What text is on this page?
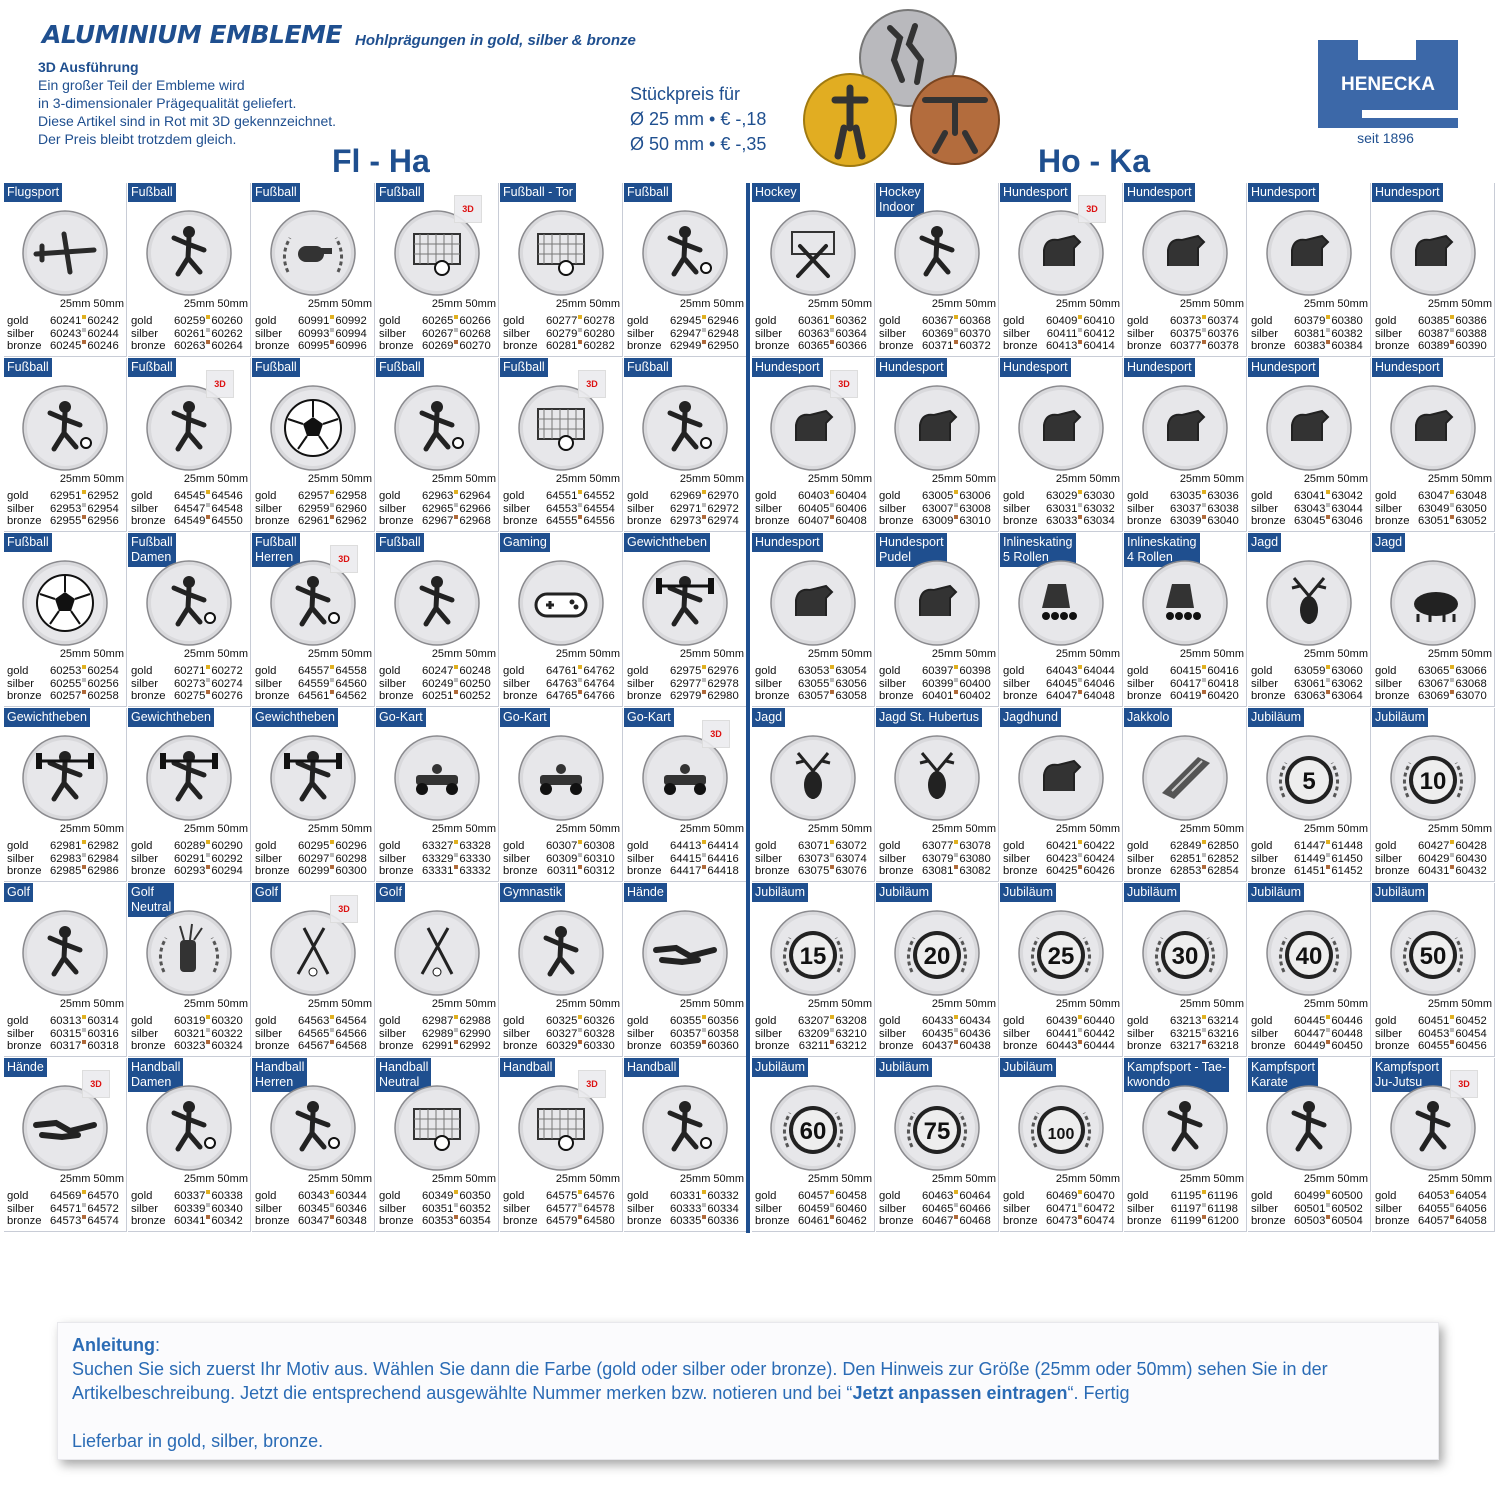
ALUMINIUM EMBLEME Hohlprägungen in gold, silber & bronze
3D Ausführung
Ein großer Teil der Embleme wird
in 3-dimensionaler Prägequalität geliefert.
Diese Artikel sind in Rot mit 3D gekennzeichnet.
Der Preis bleibt trotzdem gleich.
Stückpreis für
Ø 25 mm • € -,18
Ø 50 mm • € -,35
Fl - Ha	Ho - Ka
HENECKA
seit 1896
Flugsport
25mm 50mm
gold	60241 60242
silber	60243 60244
bronze 60245 60246
Fußball
25mm 50mm
gold	60259 60260
silber	60261 60262
bronze 60263 60264
Fußball
25mm 50mm
gold	60991 60992
silber	60993 60994
bronze 60995 60996
Fußball
3D
25mm 50mm
gold	60265 60266
silber	60267 60268
bronze 60269 60270
Fußball - Tor
25mm 50mm
gold	60277 60278
silber	60279 60280
bronze 60281 60282
Fußball
25mm 50mm
gold	62945 62946
silber	62947 62948
bronze 62949 62950
Hockey
25mm 50mm
gold	60361 60362
silber	60363 60364
bronze 60365 60366
Hockey
Indoor
25mm 50mm
gold	60367 60368
silber	60369 60370
bronze 60371 60372
Hundesport
3D
25mm 50mm
gold	60409 60410
silber	60411 60412
bronze 60413 60414
Hundesport
25mm 50mm
gold	60373 60374
silber	60375 60376
bronze 60377 60378
Hundesport
25mm 50mm
gold	60379 60380
silber	60381 60382
bronze 60383 60384
Hundesport
25mm 50mm
gold	60385 60386
silber	60387 60388
bronze 60389 60390
Fußball
25mm 50mm
gold	62951 62952
silber	62953 62954
bronze 62955 62956
Fußball
3D
25mm 50mm
gold	64545 64546
silber	64547 64548
bronze 64549 64550
Fußball
25mm 50mm
gold	62957 62958
silber	62959 62960
bronze 62961 62962
Fußball
25mm 50mm
gold	62963 62964
silber	62965 62966
bronze 62967 62968
Fußball
3D
25mm 50mm
gold	64551 64552
silber	64553 64554
bronze 64555 64556
Fußball
25mm 50mm
gold	62969 62970
silber	62971 62972
bronze 62973 62974
Hundesport
3D
25mm 50mm
gold	60403 60404
silber	60405 60406
bronze 60407 60408
Hundesport
25mm 50mm
gold	63005 63006
silber	63007 63008
bronze 63009 63010
Hundesport
25mm 50mm
gold	63029 63030
silber	63031 63032
bronze 63033 63034
Hundesport
25mm 50mm
gold	63035 63036
silber	63037 63038
bronze 63039 63040
Hundesport
25mm 50mm
gold	63041 63042
silber	63043 63044
bronze 63045 63046
Hundesport
25mm 50mm
gold	63047 63048
silber	63049 63050
bronze 63051 63052
Fußball
25mm 50mm
gold	60253 60254
silber	60255 60256
bronze 60257 60258
Fußball
Damen
25mm 50mm
gold	60271 60272
silber	60273 60274
bronze 60275 60276
Fußball
Herren	3D
25mm 50mm
gold	64557 64558
silber	64559 64560
bronze 64561 64562
Fußball
25mm 50mm
gold	60247 60248
silber	60249 60250
bronze 60251 60252
Gaming
25mm 50mm
gold	64761 64762
silber	64763 64764
bronze 64765 64766
Gewichtheben
25mm 50mm
gold	62975 62976
silber	62977 62978
bronze 62979 62980
Hundesport
25mm 50mm
gold	63053 63054
silber	63055 63056
bronze 63057 63058
Hundesport
Pudel
25mm 50mm
gold	60397 60398
silber	60399 60400
bronze 60401 60402
Inlineskating
5 Rollen
25mm 50mm
gold	64043 64044
silber	64045 64046
bronze 64047 64048
Inlineskating
4 Rollen
25mm 50mm
gold	60415 60416
silber	60417 60418
bronze 60419 60420
Jagd
25mm 50mm
gold	63059 63060
silber	63061 63062
bronze 63063 63064
Jagd
25mm 50mm
gold	63065 63066
silber	63067 63068
bronze 63069 63070
Gewichtheben
25mm 50mm
gold	62981 62982
silber	62983 62984
bronze 62985 62986
Gewichtheben
25mm 50mm
gold	60289 60290
silber	60291 60292
bronze 60293 60294
Gewichtheben
25mm 50mm
gold	60295 60296
silber	60297 60298
bronze 60299 60300
Go-Kart
25mm 50mm
gold	63327 63328
silber	63329 63330
bronze 63331 63332
Go-Kart
25mm 50mm
gold	60307 60308
silber	60309 60310
bronze 60311 60312
Go-Kart
3D
25mm 50mm
gold	64413 64414
silber	64415 64416
bronze 64417 64418
Jagd
25mm 50mm
gold	63071 63072
silber	63073 63074
bronze 63075 63076
Jagd St. Hubertus
25mm 50mm
gold	63077 63078
silber	63079 63080
bronze 63081 63082
Jagdhund
25mm 50mm
gold	60421 60422
silber	60423 60424
bronze 60425 60426
Jakkolo
25mm 50mm
gold	62849 62850
silber	62851 62852
bronze 62853 62854
Jubiläum
5
25mm 50mm
gold	61447 61448
silber	61449 61450
bronze 61451 61452
Jubiläum
10
25mm 50mm
gold	60427 60428
silber	60429 60430
bronze 60431 60432
Golf
25mm 50mm
gold	60313 60314
silber	60315 60316
bronze 60317 60318
Golf
Neutral
25mm 50mm
gold	60319 60320
silber	60321 60322
bronze 60323 60324
Golf
3D
25mm 50mm
gold	64563 64564
silber	64565 64566
bronze 64567 64568
Golf
25mm 50mm
gold	62987 62988
silber	62989 62990
bronze 62991 62992
Gymnastik
25mm 50mm
gold	60325 60326
silber	60327 60328
bronze 60329 60330
Hände
25mm 50mm
gold	60355 60356
silber	60357 60358
bronze 60359 60360
Jubiläum
15
25mm 50mm
gold	63207 63208
silber	63209 63210
bronze 63211 63212
Jubiläum
20
25mm 50mm
gold	60433 60434
silber	60435 60436
bronze 60437 60438
Jubiläum
25
25mm 50mm
gold	60439 60440
silber	60441 60442
bronze 60443 60444
Jubiläum
30
25mm 50mm
gold	63213 63214
silber	63215 63216
bronze 63217 63218
Jubiläum
40
25mm 50mm
gold	60445 60446
silber	60447 60448
bronze 60449 60450
Jubiläum
50
25mm 50mm
gold	60451 60452
silber	60453 60454
bronze 60455 60456
Hände
3D
25mm 50mm
gold	64569 64570
silber	64571 64572
bronze 64573 64574
Handball
Damen
25mm 50mm
gold	60337 60338
silber	60339 60340
bronze 60341 60342
Handball
Herren
25mm 50mm
gold	60343 60344
silber	60345 60346
bronze 60347 60348
Handball
Neutral
25mm 50mm
gold	60349 60350
silber	60351 60352
bronze 60353 60354
Handball
3D
25mm 50mm
gold	64575 64576
silber	64577 64578
bronze 64579 64580
Handball
25mm 50mm
gold	60331 60332
silber	60333 60334
bronze 60335 60336
Jubiläum
60
25mm 50mm
gold	60457 60458
silber	60459 60460
bronze 60461 60462
Jubiläum
75
25mm 50mm
gold	60463 60464
silber	60465 60466
bronze 60467 60468
Jubiläum
100
25mm 50mm
gold	60469 60470
silber	60471 60472
bronze 60473 60474
Kampfsport - Tae-
kwondo
25mm 50mm
gold	61195 61196
silber	61197 61198
bronze 61199 61200
Kampfsport
Karate
25mm 50mm
gold	60499 60500
silber	60501 60502
bronze 60503 60504
Kampfsport
Ju-Jutsu	3D
25mm 50mm
gold	64053 64054
silber	64055 64056
bronze 64057 64058
Anleitung:
Suchen Sie sich zuerst Ihr Motiv aus. Wählen Sie dann die Farbe (gold oder silber oder bronze). Den Hinweis zur Größe (25mm oder 50mm) sehen Sie in der Artikelbeschreibung. Jetzt die entsprechend ausgewählte Nummer merken bzw. notieren und bei “Jetzt anpassen eintragen“. Fertig

Lieferbar in gold, silber, bronze.
